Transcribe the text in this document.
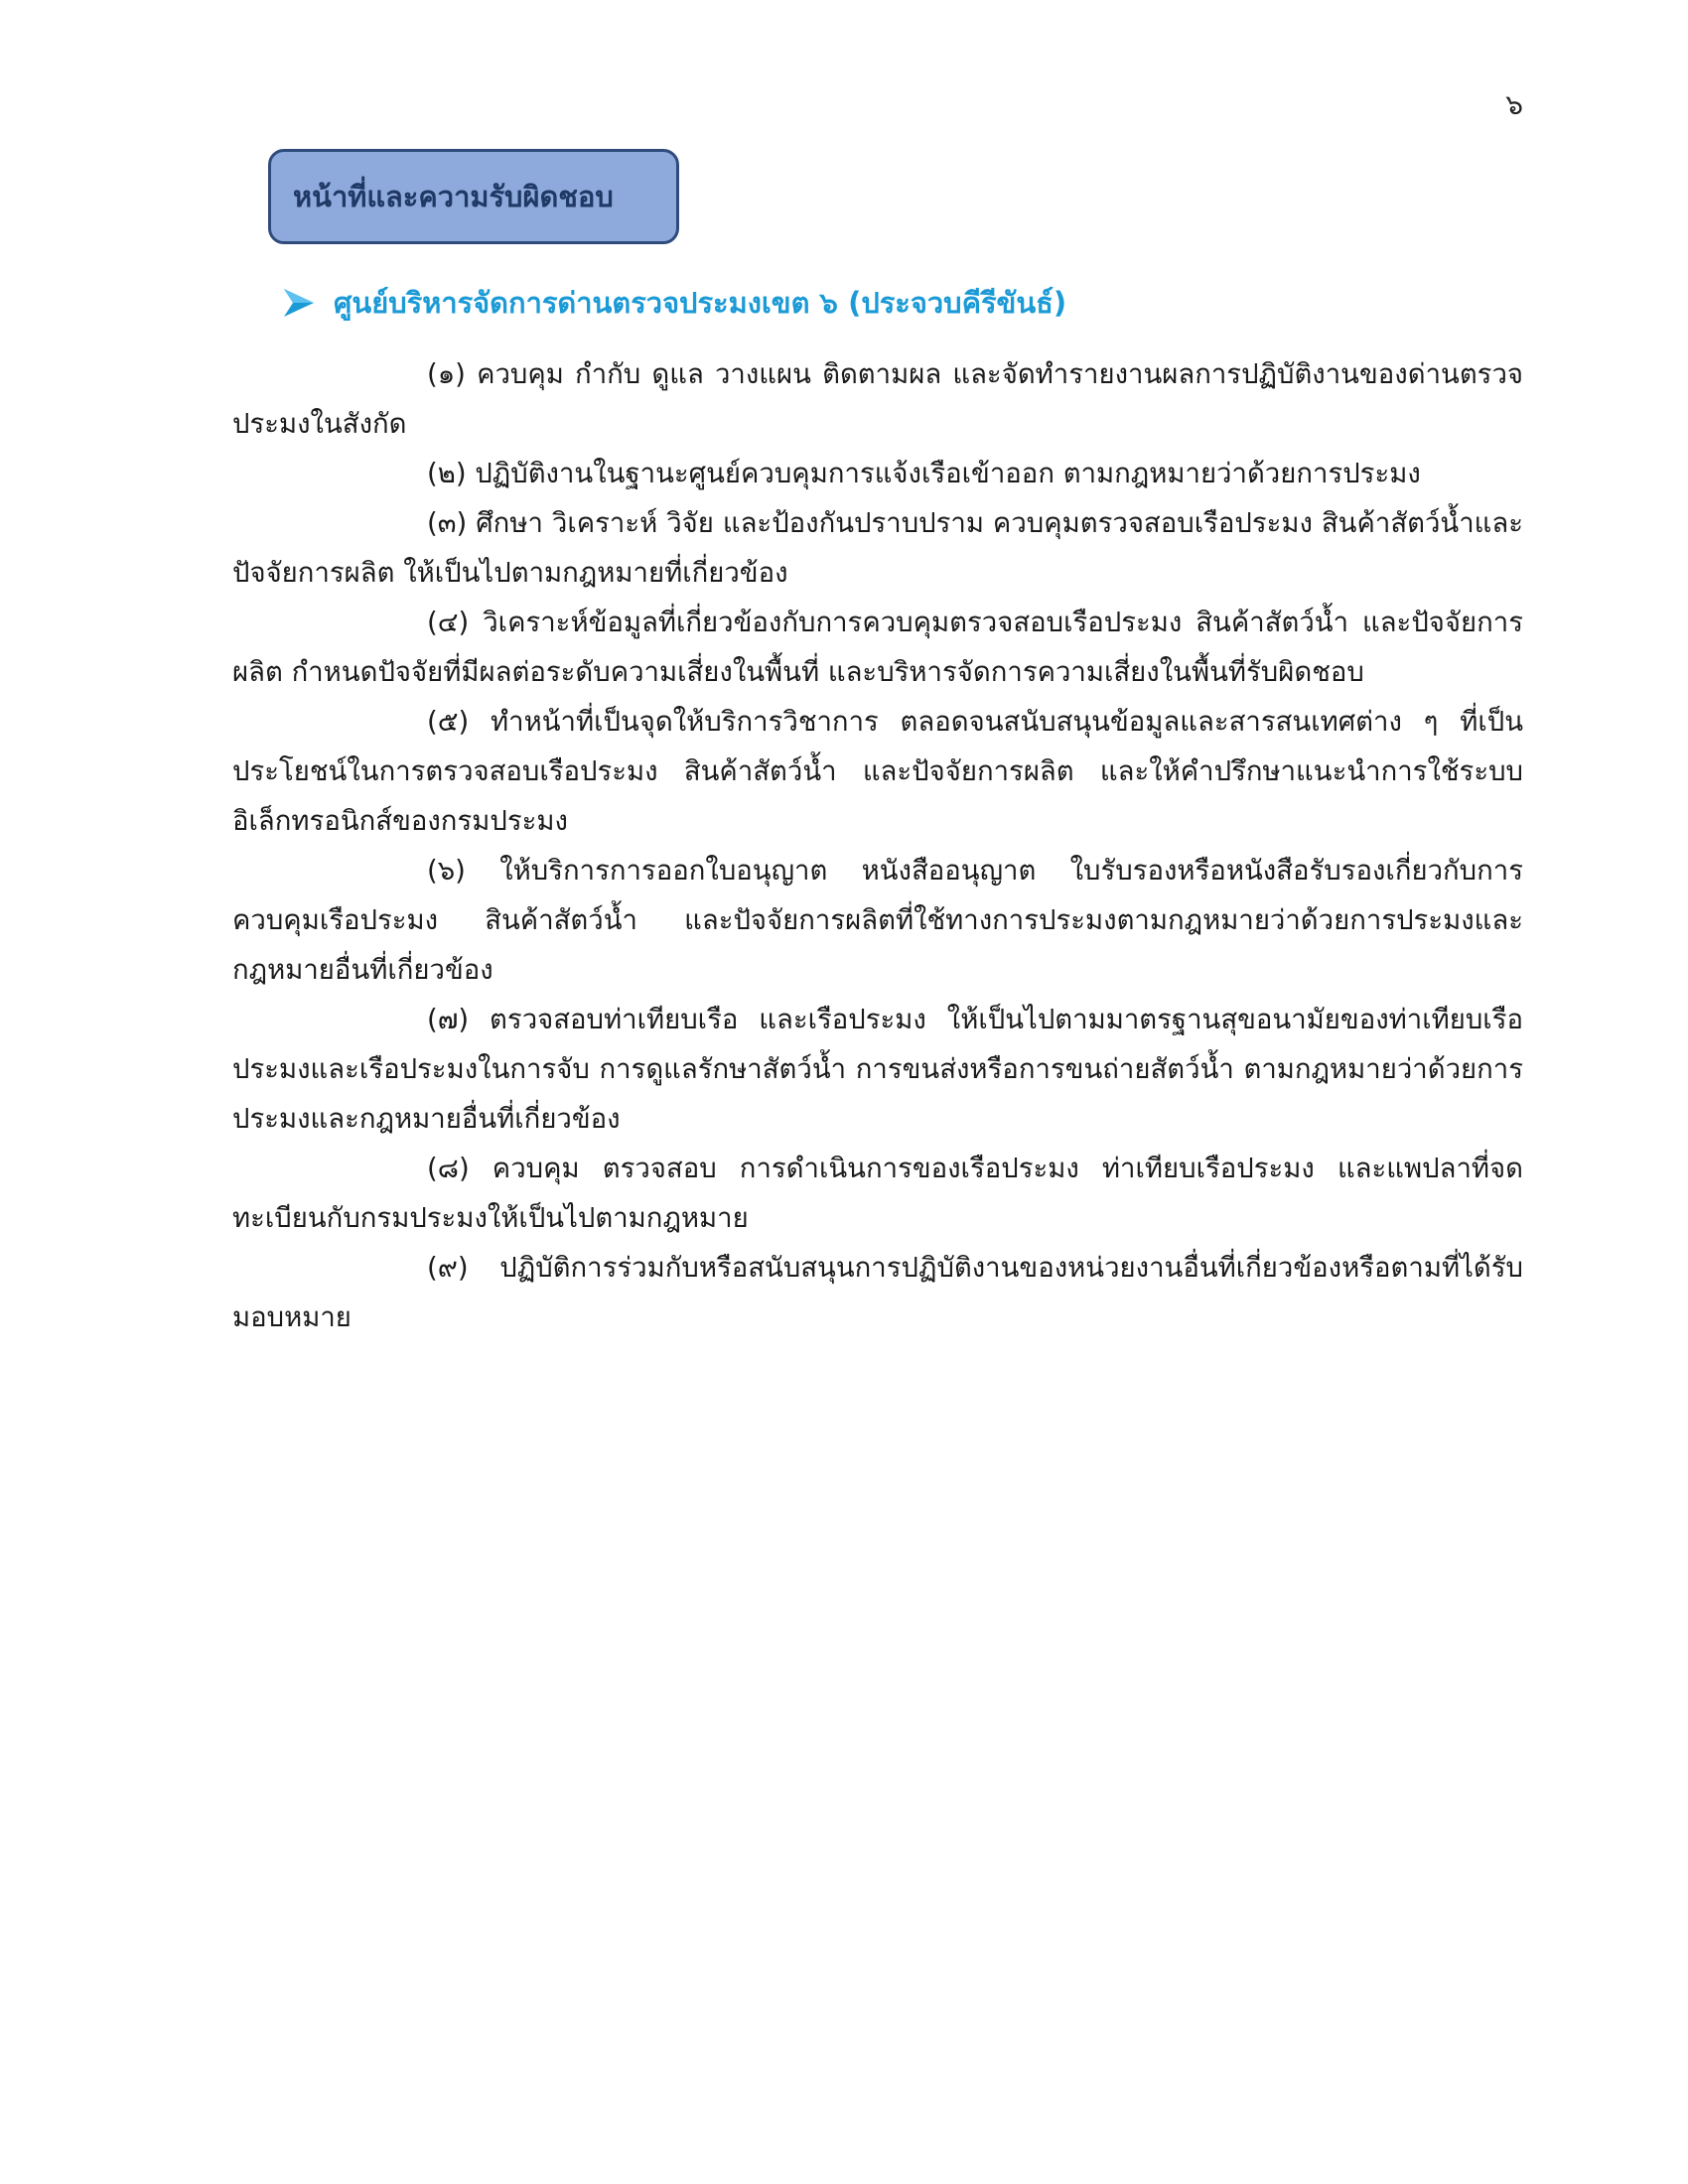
๖
หน้าที่และความรับผิดชอบ
ศูนย์บริหารจัดการด่านตรวจประมงเขต ๖ (ประจวบคีรีขันธ์)

(๑) ควบคุม กำกับ ดูแล วางแผน ติดตามผล และจัดทำรายงานผลการปฏิบัติงานของด่านตรวจประมงในสังกัด

(๒) ปฏิบัติงานในฐานะศูนย์ควบคุมการแจ้งเรือเข้าออก ตามกฎหมายว่าด้วยการประมง

(๓) ศึกษา วิเคราะห์ วิจัย และป้องกันปราบปราม ควบคุมตรวจสอบเรือประมง สินค้าสัตว์น้ำและปัจจัยการผลิต ให้เป็นไปตามกฎหมายที่เกี่ยวข้อง

(๔) วิเคราะห์ข้อมูลที่เกี่ยวข้องกับการควบคุมตรวจสอบเรือประมง สินค้าสัตว์น้ำ และปัจจัยการผลิต กำหนดปัจจัยที่มีผลต่อระดับความเสี่ยงในพื้นที่ และบริหารจัดการความเสี่ยงในพื้นที่รับผิดชอบ

(๕) ทำหน้าที่เป็นจุดให้บริการวิชาการ ตลอดจนสนับสนุนข้อมูลและสารสนเทศต่าง ๆ ที่เป็นประโยชน์ในการตรวจสอบเรือประมง สินค้าสัตว์น้ำ และปัจจัยการผลิต และให้คำปรึกษาแนะนำการใช้ระบบอิเล็กทรอนิกส์ของกรมประมง

(๖) ให้บริการการออกใบอนุญาต หนังสืออนุญาต ใบรับรองหรือหนังสือรับรองเกี่ยวกับการควบคุมเรือประมง สินค้าสัตว์น้ำ และปัจจัยการผลิตที่ใช้ทางการประมงตามกฎหมายว่าด้วยการประมงและกฎหมายอื่นที่เกี่ยวข้อง

(๗) ตรวจสอบท่าเทียบเรือ และเรือประมง ให้เป็นไปตามมาตรฐานสุขอนามัยของท่าเทียบเรือประมงและเรือประมงในการจับ การดูแลรักษาสัตว์น้ำ การขนส่งหรือการขนถ่ายสัตว์น้ำ ตามกฎหมายว่าด้วยการประมงและกฎหมายอื่นที่เกี่ยวข้อง

(๘) ควบคุม ตรวจสอบ การดำเนินการของเรือประมง ท่าเทียบเรือประมง และแพปลาที่จดทะเบียนกับกรมประมงให้เป็นไปตามกฎหมาย

(๙) ปฏิบัติการร่วมกับหรือสนับสนุนการปฏิบัติงานของหน่วยงานอื่นที่เกี่ยวข้องหรือตามที่ได้รับมอบหมาย
